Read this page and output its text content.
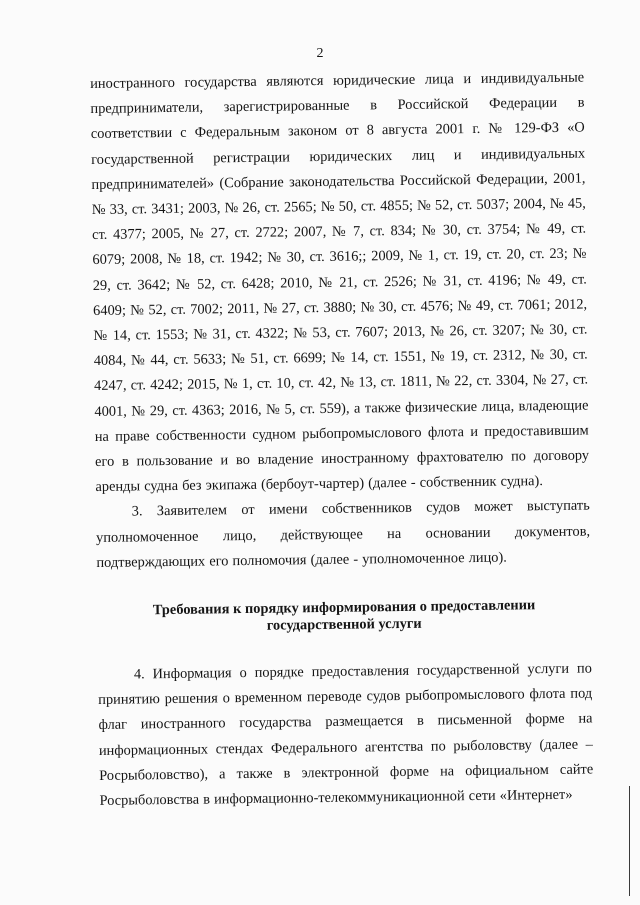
2

иностранного государства являются юридические лица и индивидуальные предприниматели, зарегистрированные в Российской Федерации в соответствии с Федеральным законом от 8 августа 2001 г. № 129-ФЗ «О государственной регистрации юридических лиц и индивидуальных предпринимателей» (Собрание законодательства Российской Федерации, 2001, № 33, ст. 3431; 2003, № 26, ст. 2565; № 50, ст. 4855; № 52, ст. 5037; 2004, № 45, ст. 4377; 2005, № 27, ст. 2722; 2007, № 7, ст. 834; № 30, ст. 3754; № 49, ст. 6079; 2008, № 18, ст. 1942; № 30, ст. 3616;; 2009, № 1, ст. 19, ст. 20, ст. 23; № 29, ст. 3642; № 52, ст. 6428; 2010, № 21, ст. 2526; № 31, ст. 4196; № 49, ст. 6409; № 52, ст. 7002; 2011, № 27, ст. 3880; № 30, ст. 4576; № 49, ст. 7061; 2012, № 14, ст. 1553; № 31, ст. 4322; № 53, ст. 7607; 2013, № 26, ст. 3207; № 30, ст. 4084, № 44, ст. 5633; № 51, ст. 6699; № 14, ст. 1551, № 19, ст. 2312, № 30, ст. 4247, ст. 4242; 2015, № 1, ст. 10, ст. 42, № 13, ст. 1811, № 22, ст. 3304, № 27, ст. 4001, № 29, ст. 4363; 2016, № 5, ст. 559), а также физические лица, владеющие на праве собственности судном рыбопромыслового флота и предоставившим его в пользование и во владение иностранному фрахтователю по договору аренды судна без экипажа (бербоут-чартер) (далее - собственник судна).

3. Заявителем от имени собственников судов может выступать уполномоченное лицо, действующее на основании документов, подтверждающих его полномочия (далее - уполномоченное лицо).

Требования к порядку информирования о предоставлении государственной услуги

4. Информация о порядке предоставления государственной услуги по принятию решения о временном переводе судов рыбопромыслового флота под флаг иностранного государства размещается в письменной форме на информационных стендах Федерального агентства по рыболовству (далее – Росрыболовство), а также в электронной форме на официальном сайте Росрыболовства в информационно-телекоммуникационной сети «Интернет»
